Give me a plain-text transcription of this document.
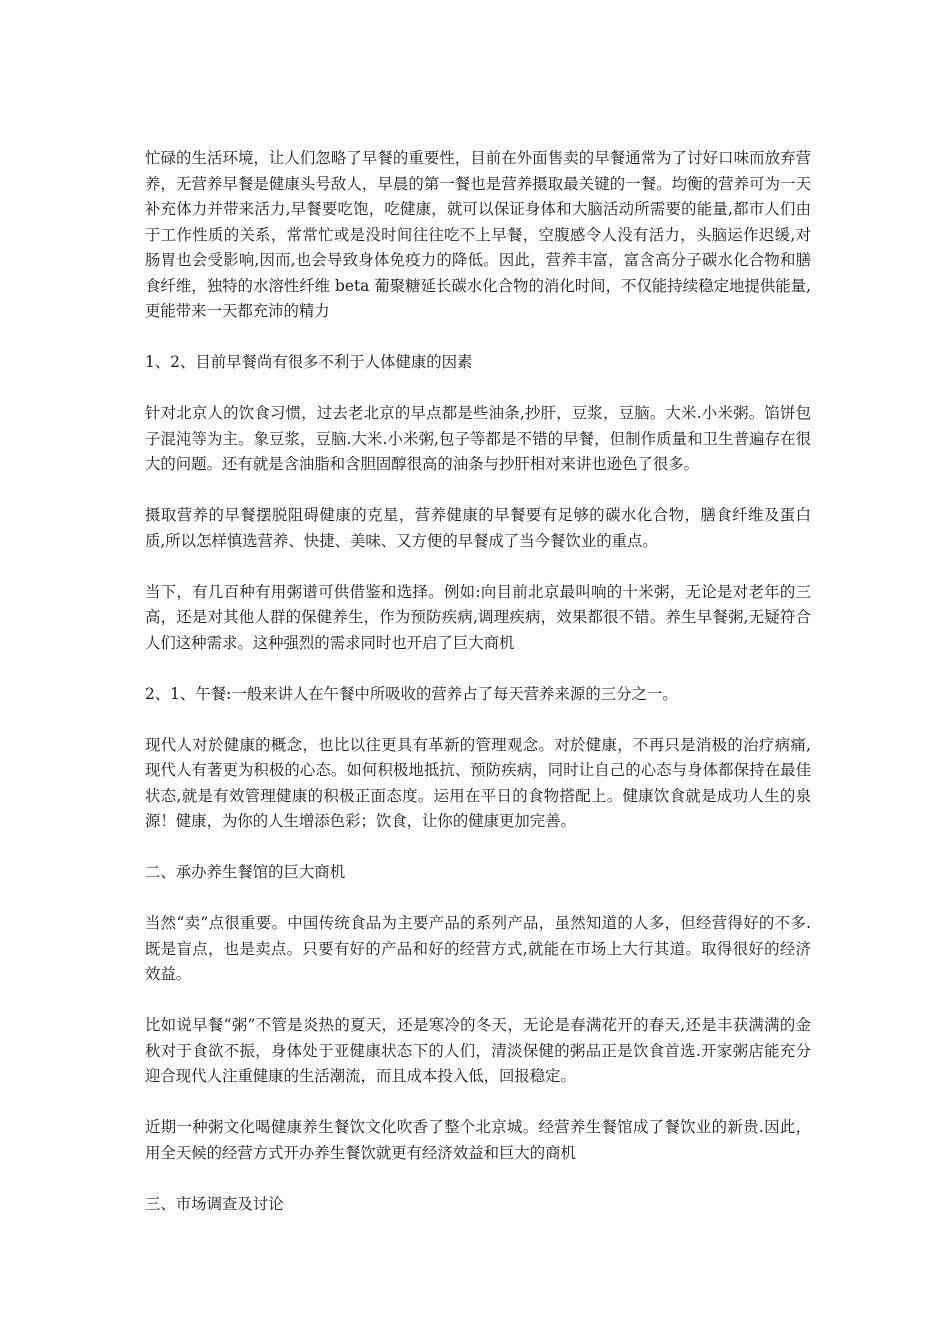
忙碌的生活环境，让人们忽略了早餐的重要性，目前在外面售卖的早餐通常为了讨好口味而放弃营养，无营养早餐是健康头号敌人，早晨的第一餐也是营养摄取最关键的一餐。均衡的营养可为一天补充体力并带来活力,早餐要吃饱，吃健康，就可以保证身体和大脑活动所需要的能量,都市人们由于工作性质的关系，常常忙或是没时间往往吃不上早餐，空腹感令人没有活力，头脑运作迟缓,对肠胃也会受影响,因而,也会导致身体免疫力的降低。因此，营养丰富，富含高分子碳水化合物和膳食纤维，独特的水溶性纤维 beta 葡聚糖延长碳水化合物的消化时间，不仅能持续稳定地提供能量,更能带来一天都充沛的精力

1、2、目前早餐尚有很多不利于人体健康的因素

针对北京人的饮食习惯，过去老北京的早点都是些油条,抄肝，豆浆，豆脑。大米.小米粥。馅饼包子混沌等为主。象豆浆，豆脑.大米.小米粥,包子等都是不错的早餐，但制作质量和卫生普遍存在很大的问题。还有就是含油脂和含胆固醇很高的油条与抄肝相对来讲也逊色了很多。

摄取营养的早餐摆脱阻碍健康的克星，营养健康的早餐要有足够的碳水化合物，膳食纤维及蛋白质,所以怎样慎选营养、快捷、美味、又方便的早餐成了当今餐饮业的重点。

当下，有几百种有用粥谱可供借鉴和选择。例如:向目前北京最叫响的十米粥，无论是对老年的三高，还是对其他人群的保健养生，作为预防疾病,调理疾病，效果都很不错。养生早餐粥,无疑符合人们这种需求。这种强烈的需求同时也开启了巨大商机

2、1、午餐:一般来讲人在午餐中所吸收的营养占了每天营养来源的三分之一。

现代人对於健康的概念，也比以往更具有革新的管理观念。对於健康，不再只是消极的治疗病痛,现代人有著更为积极的心态。如何积极地抵抗、预防疾病，同时让自己的心态与身体都保持在最佳状态,就是有效管理健康的积极正面态度。运用在平日的食物搭配上。健康饮食就是成功人生的泉源！健康，为你的人生增添色彩；饮食，让你的健康更加完善。

二、承办养生餐馆的巨大商机

当然“卖”点很重要。中国传统食品为主要产品的系列产品，虽然知道的人多，但经营得好的不多.既是盲点，也是卖点。只要有好的产品和好的经营方式,就能在市场上大行其道。取得很好的经济效益。

比如说早餐“粥”不管是炎热的夏天，还是寒冷的冬天，无论是春满花开的春天,还是丰获满满的金秋对于食欲不振，身体处于亚健康状态下的人们，清淡保健的粥品正是饮食首选.开家粥店能充分迎合现代人注重健康的生活潮流，而且成本投入低，回报稳定。

近期一种粥文化喝健康养生餐饮文化吹香了整个北京城。经营养生餐馆成了餐饮业的新贵.因此，用全天候的经营方式开办养生餐饮就更有经济效益和巨大的商机

三、市场调查及讨论
